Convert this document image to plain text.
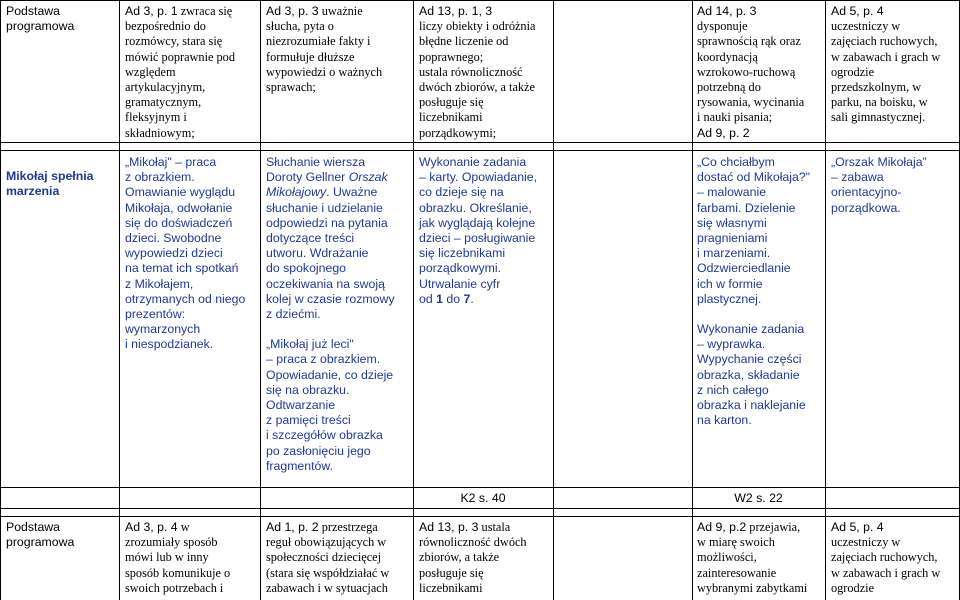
Podstawa
programowa
Ad 3, p. 1 zwraca się
bezpośrednio do
rozmówcy, stara się
mówić poprawnie pod
względem
artykulacyjnym,
gramatycznym,
fleksyjnym i
składniowym;
Ad 3, p. 3 uważnie
słucha, pyta o
niezrozumiałe fakty i
formułuje dłuższe
wypowiedzi o ważnych
sprawach;
Ad 13, p. 1, 3
liczy obiekty i odróżnia
błędne liczenie od
poprawnego;
ustala równoliczność
dwóch zbiorów, a także
posługuje się
liczebnikami
porządkowymi;
Ad 14, p. 3
dysponuje
sprawnością rąk oraz
koordynacją
wzrokowo-ruchową
potrzebną do
rysowania, wycinania
i nauki pisania;
Ad 9, p. 2
Ad 5, p. 4
uczestniczy w
zajęciach ruchowych,
w zabawach i grach w
ogrodzie
przedszkolnym, w
parku, na boisku, w
sali gimnastycznej.
Mikołaj spełnia
marzenia
„Mikołaj" – praca
z obrazkiem.
Omawianie wyglądu
Mikołaja, odwołanie
się do doświadczeń
dzieci. Swobodne
wypowiedzi dzieci
na temat ich spotkań
z Mikołajem,
otrzymanych od niego
prezentów:
wymarzonych
i niespodzianek.
Słuchanie wiersza
Doroty Gellner Orszak
Mikołajowy. Uważne
słuchanie i udzielanie
odpowiedzi na pytania
dotyczące treści
utworu. Wdrażanie
do spokojnego
oczekiwania na swoją
kolej w czasie rozmowy
z dziećmi.
„Mikołaj już leci"
– praca z obrazkiem.
Opowiadanie, co dzieje
się na obrazku.
Odtwarzanie
z pamięci treści
i szczegółów obrazka
po zasłonięciu jego
fragmentów.
Wykonanie zadania
– karty. Opowiadanie,
co dzieje się na
obrazku. Określanie,
jak wyglądają kolejne
dzieci – posługiwanie
się liczebnikami
porządkowymi.
Utrwalanie cyfr
od 1 do 7.
„Co chciałbym
dostać od Mikołaja?"
– malowanie
farbami. Dzielenie
się własnymi
pragnieniami
i marzeniami.
Odzwierciedlanie
ich w formie
plastycznej.
Wykonanie zadania
– wyprawka.
Wypychanie części
obrazka, składanie
z nich całego
obrazka i naklejanie
na karton.
„Orszak Mikołaja”
– zabawa
orientacyjno-
porządkowa.
K2 s. 40	W2 s. 22
Podstawa
programowa
Ad 3, p. 4 w
zrozumiały sposób
mówi lub w inny
sposób komunikuje o
swoich potrzebach i
Ad 1, p. 2 przestrzega
reguł obowiązujących w
społeczności dziecięcej
(stara się współdziałać w
zabawach i w sytuacjach
Ad 13, p. 3 ustala
równoliczność dwóch
zbiorów, a także
posługuje się
liczebnikami
Ad 9, p.2 przejawia,
w miarę swoich
możliwości,
zainteresowanie
wybranymi zabytkami
Ad 5, p. 4
uczestniczy w
zajęciach ruchowych,
w zabawach i grach w
ogrodzie
